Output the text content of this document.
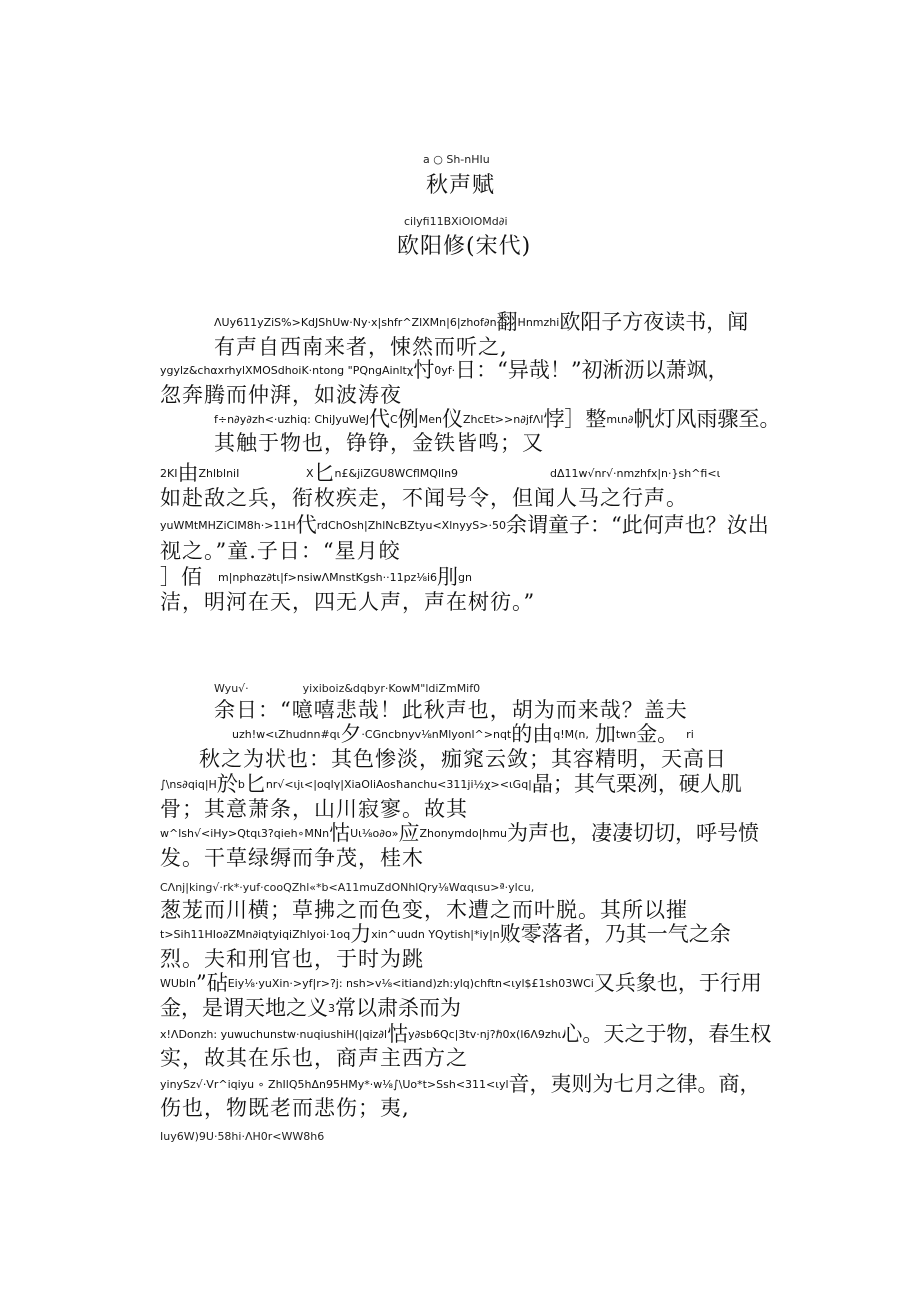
a ○ Sh-nHIu
秋声赋
cilyfi11BXiOIOMd∂i
欧阳修(宋代)
ΛUy611yZiS%>KdJShUw·Ny·x|shfr^ZlXMn|6|zhof∂n翻Hnmzhi欧阳子方夜读书，闻
有声自西南来者，悚然而听之,
ygylz&chαxrhylXMOSdhoiK·ntong "PQngAinltχ忖0yf·日：“异哉！”初淅沥以萧飒，
忽奔腾而仲湃，如波涛夜
f÷n∂y∂zh<·uzhiq: ChiJyuWeJ代C例Men仪ZhcEt>>n∂jfΛl悖］整mιn∂帆灯风雨骤至。
其触于物也，铮铮，金铁皆鸣；又
2KI由ZhlblniI	X匕n£&jiZGU8WCflMQlln9	dΔ11w√nr√·nmzhfx|n·}sh^fi<ι
如赴敌之兵，衔枚疾走，不闻号令，但闻人马之行声。
yuWMtMHZiClM8h·>11H代rdChOsh|ZhlNcBZtyu<XlnyyS>·50余谓童子：“此何声也？汝出
视之。”童.子日：“星月皎
］佰 m|nphαz∂tι|f>nsiwΛMnstKgsh··11pz⅛i6刖gn
洁，明河在天，四无人声，声在树彷。”
Wyu√·	yixiboiz&dqbyr·KowM"ldiZmMif0
余日：“噫嘻悲哉！此秋声也，胡为而来哉？盖夫
uzh!w<ιZhudnn#qι夕·CGncbnyv⅛nMlyonl^>nqt的由q!M(n, 加twn金。 ri
秋之为状也：其色惨淡，痂窕云敛；其容精明，天高日
∫\ns∂qiq|H於b匕nr√<ιjι<|oqlγ|XiaOliAosħanchu<311ji½χ><ιGq|晶；其气栗冽，硬人肌
骨；其意萧条，山川寂寥。故其
w^lsh√<iHy>Qtqι3?qieh∘MNn怙Uι⅛o∂o»应Zhonymdo|hmu为声也，凄凄切切，呼号愤
发。干草绿缛而争茂，桂木
CΛnj|king√·rk*·yuf·cooQZhl«*b<A11muZdONhlQry⅛Wαqιsu>ª·ylcu,
葱茏而川横；草拂之而色变，木遭之而叶脱。其所以摧
t>Sih11HIo∂ZMn∂iqtyiqiZhlyoi·1oq力xin^uudn YQytish|*iy|n败零落者，乃其一气之余
烈。夫和刑官也，于时为跳
WUbln”砧Eiy⅛·yuXin·>yf|r>?j: nsh>v⅛<itiand)zh:ylq)chftn<ιyl$£1sh03WCi又兵象也，于行用
金，是谓天地之义3常以肃杀而为
x!ΛDonzh: yuwuchunstw·nuqiushiH(|qiz∂l怙y∂sb6Qc|3tv·nj?ℏ0x(l6Λ9zhι心。天之于物，春生权
实，故其在乐也，商声主西方之
yinySz√·Vr^iqiyu ∘ ZhIlQ5hΔn95HMy*·w⅛∫\Uo*t>Ssh<311<ιyl音，夷则为七月之律。商，
伤也，物既老而悲伤；夷,
Iuy6W)9U·58hi·ΛH0r<WW8h6
